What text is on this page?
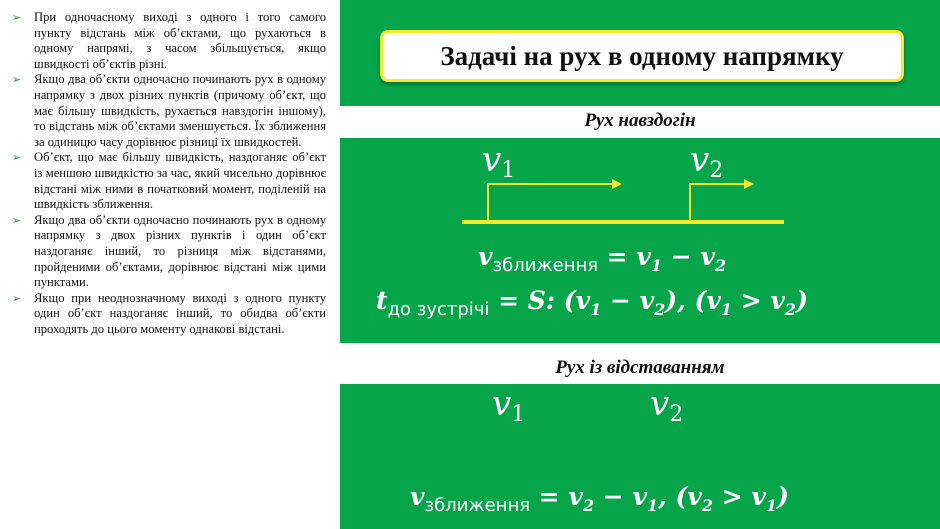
➢ При одночасному виході з одного і того самого пункту відстань між об’єктами, що рухаються в одному напрямі, з часом збільшується, якщо швидкості об’єктів різні.
➢ Якщо два об’єкти одночасно починають рух в одному напрямку з двох різних пунктів (причому об’єкт, що має більшу швидкість, рухається навздогін іншому), то відстань між об’єктами зменшується. Їх зближення за одиницю часу дорівнює різниці їх швидкостей.
➢ Об’єкт, що має більшу швидкість, наздоганяє об’єкт із меншою швидкістю за час, який чисельно дорівнює відстані між ними в початковий момент, поділеній на швидкість зближення.
➢ Якщо два об’єкти одночасно починають рух в одному напрямку з двох різних пунктів і один об’єкт наздоганяє інший, то різниця між відстанями, пройденими об’єктами, дорівнює відстані між цими пунктами.
➢ Якщо при неоднозначному виході з одного пункту один об’єкт наздоганяє інший, то обидва об’єкти проходять до цього моменту однакові відстані.
Задачі на рух в одному напрямку
Рух навздогін
$v_1$	$v_2$
$v_{зближення} = v_1 - v_2$
$t_{до зустрічі} = S$: $(v_1 - v_2)$, $(v_1 > v_2)$
Рух із відставанням
$v_1$	$v_2$
$v_{зближення} = v_2 - v_1$, $(v_2 > v_1)$
